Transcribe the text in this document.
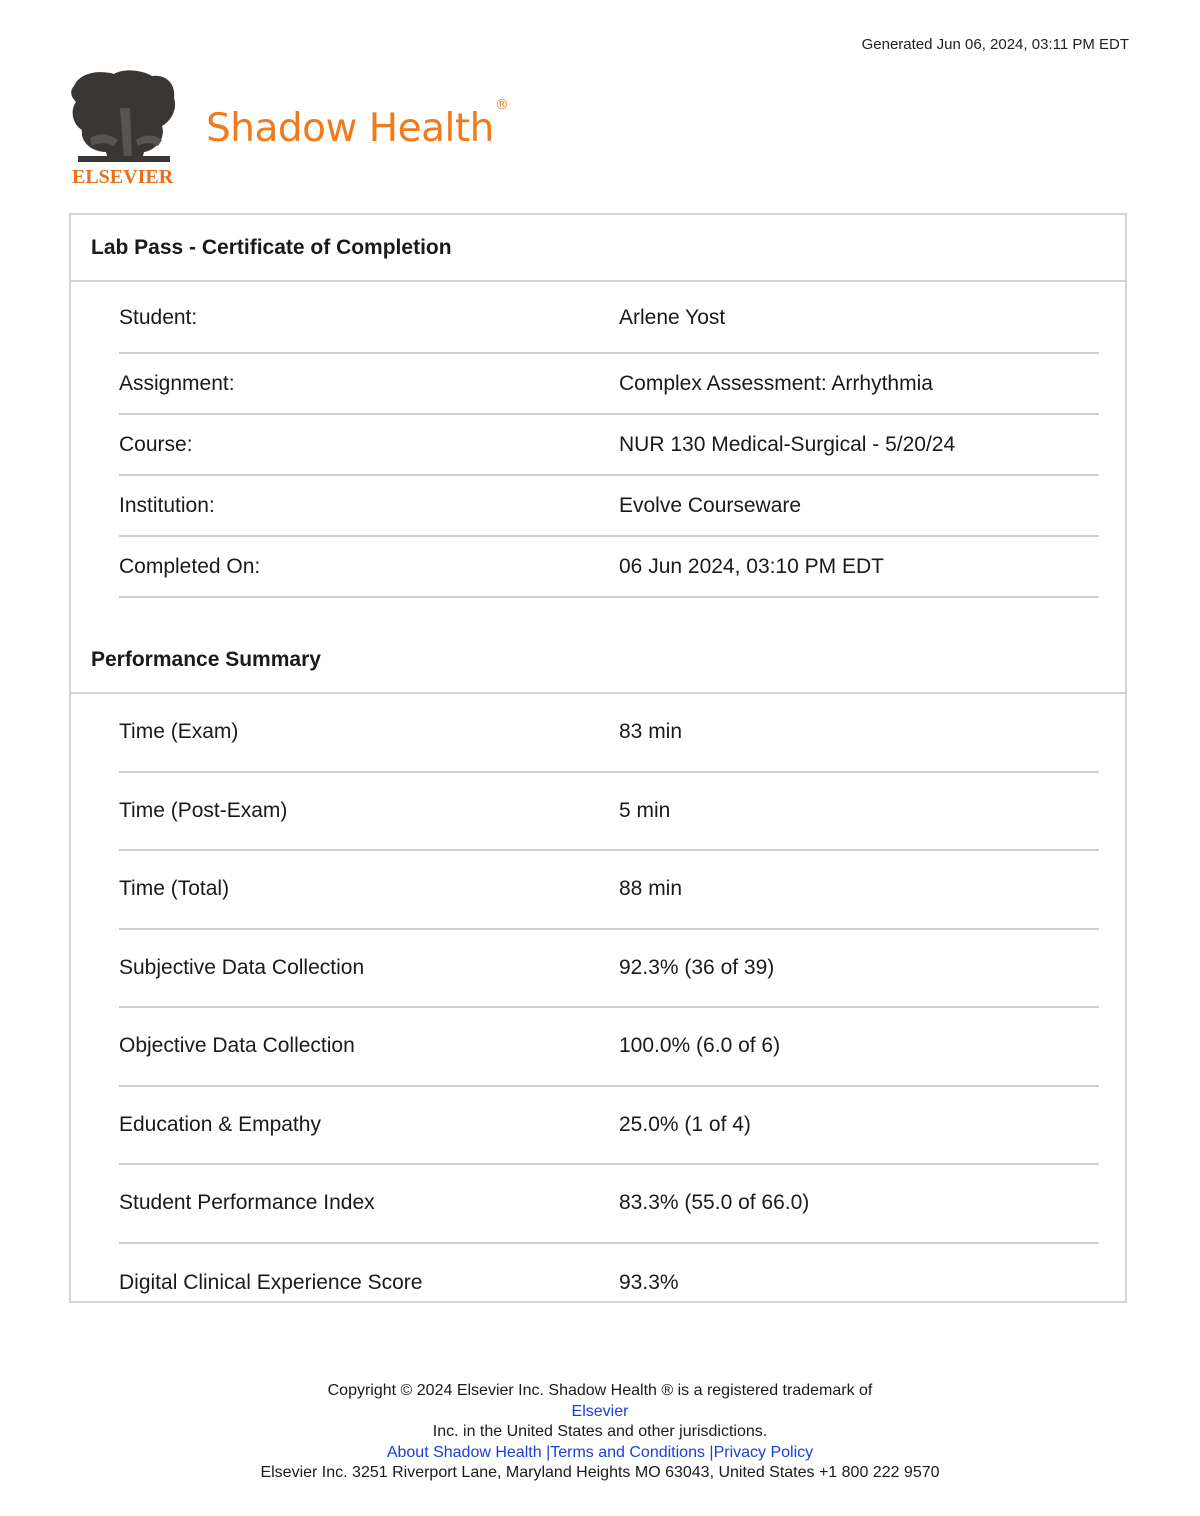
Generated Jun 06, 2024, 03:11 PM EDT
ELSEVIER
Shadow Health®
Lab Pass - Certificate of Completion
Student:	Arlene Yost
Assignment:	Complex Assessment: Arrhythmia
Course:	NUR 130 Medical-Surgical - 5/20/24
Institution:	Evolve Courseware
Completed On:	06 Jun 2024, 03:10 PM EDT
Performance Summary
Time (Exam)	83 min
Time (Post-Exam)	5 min
Time (Total)	88 min
Subjective Data Collection	92.3% (36 of 39)
Objective Data Collection	100.0% (6.0 of 6)
Education & Empathy	25.0% (1 of 4)
Student Performance Index	83.3% (55.0 of 66.0)
Digital Clinical Experience Score	93.3%
Copyright © 2024 Elsevier Inc. Shadow Health ® is a registered trademark of
Elsevier
Inc. in the United States and other jurisdictions.
About Shadow Health |Terms and Conditions |Privacy Policy
Elsevier Inc. 3251 Riverport Lane, Maryland Heights MO 63043, United States +1 800 222 9570
